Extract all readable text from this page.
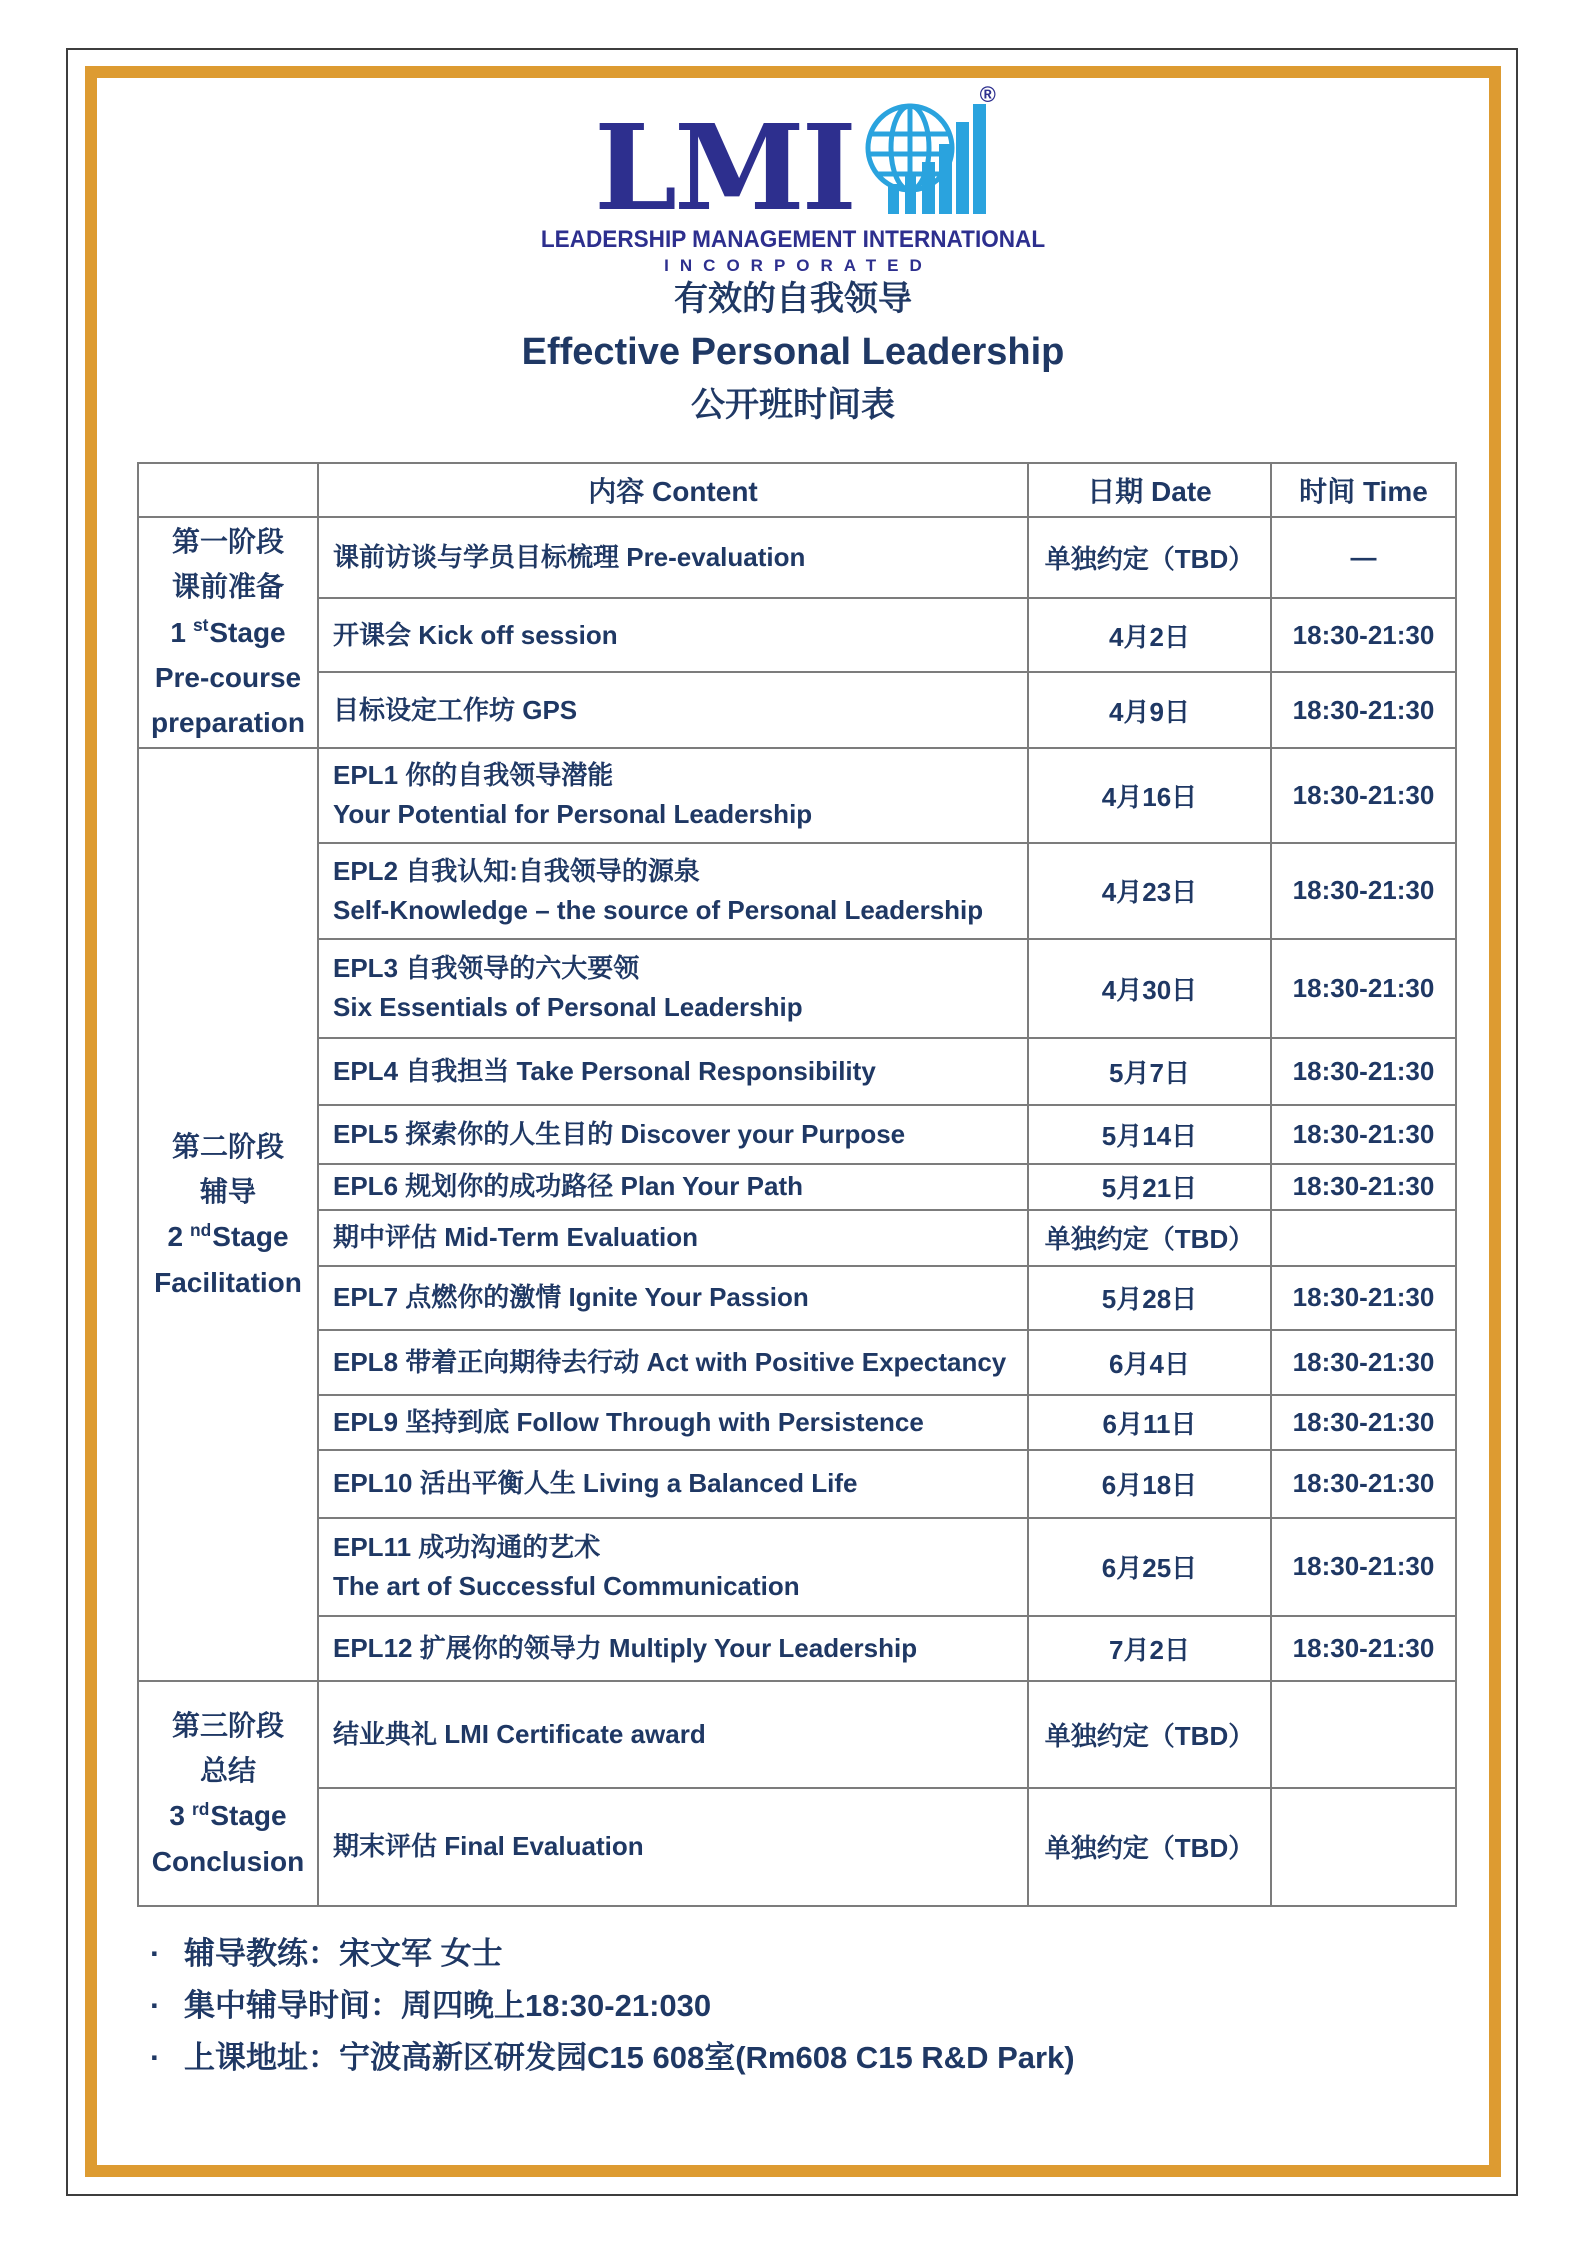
LMI
®
LEADERSHIP MANAGEMENT INTERNATIONAL
INCORPORATED
有效的自我领导
Effective Personal Leadership
公开班时间表
	内容 Content	日期 Date	时间 Time

第一阶段
课前准备
1 $^{st}$Stage
Pre-course
preparation	课前访谈与学员目标梳理 Pre-evaluation	单独约定（TBD）	—
	开课会 Kick off session	4月2日	18:30-21:30
	目标设定工作坊 GPS	4月9日	18:30-21:30

第二阶段
辅导
2 $^{nd}$Stage
Facilitation

EPL1 你的自我领导潜能
Your Potential for Personal Leadership
	4月16日	18:30-21:30

	EPL2 自我认知:自我领导的源泉
Self-Knowledge – the source of Personal Leadership	4月23日	18:30-21:30

	EPL3 自我领导的六大要领
Six Essentials of Personal Leadership	4月30日	18:30-21:30
	EPL4 自我担当 Take Personal Responsibility	5月7日	18:30-21:30
	EPL5 探索你的人生目的 Discover your Purpose	5月14日	18:30-21:30
	EPL6 规划你的成功路径 Plan Your Path	5月21日	18:30-21:30
	期中评估 Mid-Term Evaluation	单独约定（TBD）	
	EPL7 点燃你的激情 Ignite Your Passion	5月28日	18:30-21:30
	EPL8 带着正向期待去行动 Act with Positive Expectancy	6月4日	18:30-21:30
	EPL9 坚持到底 Follow Through with Persistence	6月11日	18:30-21:30
	EPL10 活出平衡人生 Living a Balanced Life	6月18日	18:30-21:30

	EPL11 成功沟通的艺术
The art of Successful Communication	6月25日	18:30-21:30
	EPL12 扩展你的领导力 Multiply Your Leadership	7月2日	18:30-21:30

第三阶段
总结
3 $^{rd}$Stage
Conclusion	结业典礼 LMI Certificate award	单独约定（TBD）	
	期末评估 Final Evaluation	单独约定（TBD）	
· 辅导教练：宋文军 女士
· 集中辅导时间：周四晚上18:30-21:030
· 上课地址：宁波高新区研发园C15 608室(Rm608 C15 R&D Park)
